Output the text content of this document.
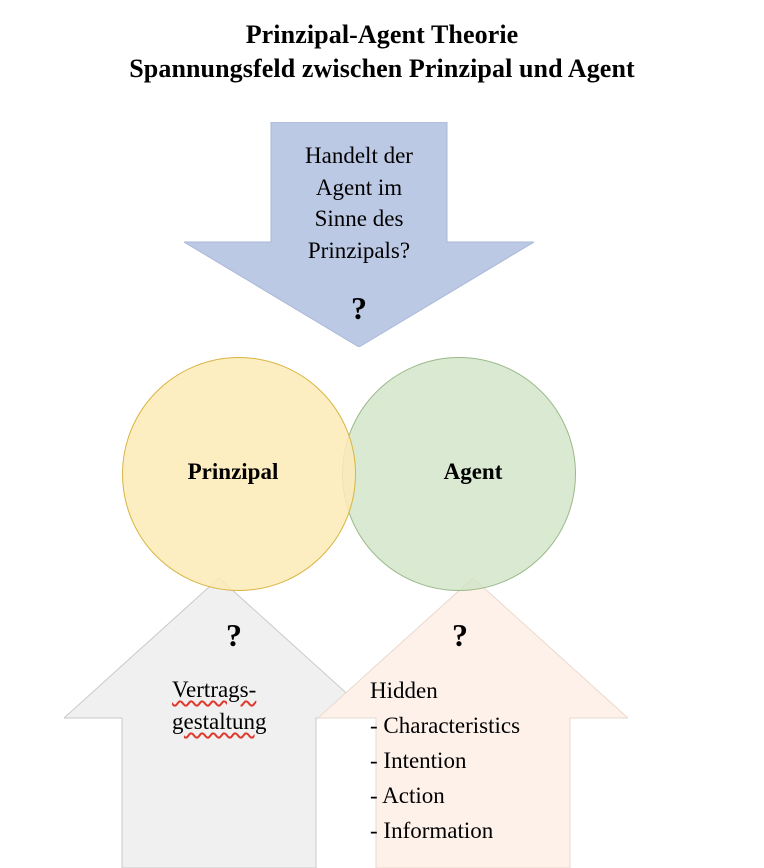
Prinzipal-Agent Theorie
Spannungsfeld zwischen Prinzipal und Agent
Handelt der
Agent im
Sinne des
Prinzipals?
?
Prinzipal	Agent
?	?
Vertrags-
gestaltung
Hidden
- Characteristics
- Intention
- Action
- Information
